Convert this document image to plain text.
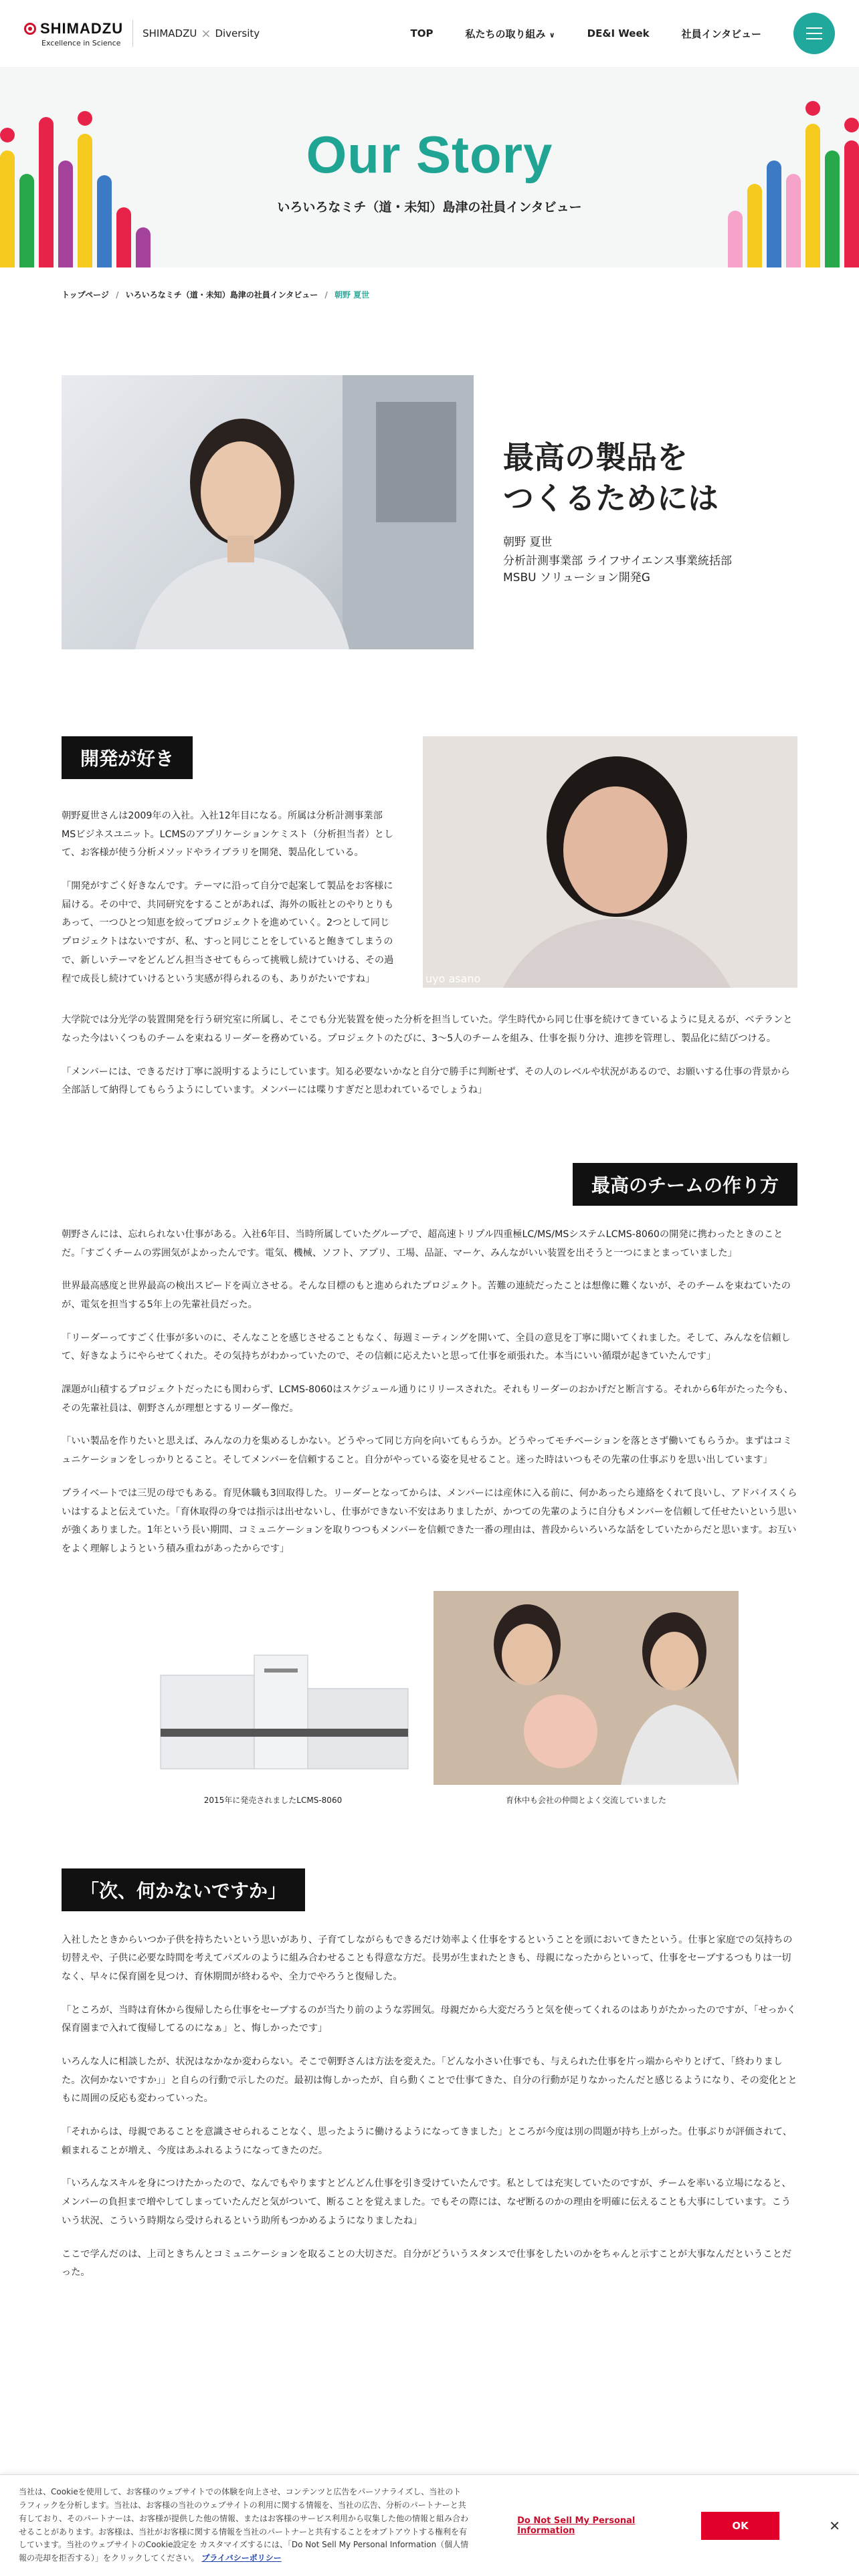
SHIMADZU
Excellence in Science
SHIMADZU × Diversity	TOP	私たちの取り組み ∨	DE&I Week	社員インタビュー
Our Story
いろいろなミチ（道・未知）島津の社員インタビュー
トップページ / いろいろなミチ（道・未知）島津の社員インタビュー / 朝野 夏世
最高の製品を
つくるためには
朝野 夏世
分析計測事業部 ライフサイエンス事業統括部
MSBU ソリューション開発G
開発が好き

朝野夏世さんは2009年の入社。入社12年目になる。所属は分析計測事業部MSビジネスユニット。LCMSのアプリケーションケミスト（分析担当者）として、お客様が使う分析メソッドやライブラリを開発、製品化している。

「開発がすごく好きなんです。テーマに沿って自分で起案して製品をお客様に届ける。その中で、共同研究をすることがあれば、海外の販社とのやりとりもあって、一つひとつ知恵を絞ってプロジェクトを進めていく。2つとして同じプロジェクトはないですが、私、すっと同じことをしていると飽きてしまうので、新しいテーマをどんどん担当させてもらって挑戦し続けていける、その過程で成長し続けていけるという実感が得られるのも、ありがたいですね」	uyo asano

大学院では分光学の装置開発を行う研究室に所属し、そこでも分光装置を使った分析を担当していた。学生時代から同じ仕事を続けてきているように見えるが、ベテランとなった今はいくつものチームを束ねるリーダーを務めている。プロジェクトのたびに、3〜5人のチームを組み、仕事を振り分け、進捗を管理し、製品化に結びつける。

「メンバーには、できるだけ丁寧に説明するようにしています。知る必要ないかなと自分で勝手に判断せず、その人のレベルや状況があるので、お願いする仕事の背景から全部話して納得してもらうようにしています。メンバーには喋りすぎだと思われているでしょうね」

最高のチームの作り方

朝野さんには、忘れられない仕事がある。入社6年目、当時所属していたグループで、超高速トリプル四重極LC/MS/MSシステムLCMS-8060の開発に携わったときのことだ。「すごくチームの雰囲気がよかったんです。電気、機械、ソフト、アプリ、工場、品証、マーケ、みんながいい装置を出そうと一つにまとまっていました」

世界最高感度と世界最高の検出スピードを両立させる。そんな目標のもと進められたプロジェクト。苦難の連続だったことは想像に難くないが、そのチームを束ねていたのが、電気を担当する5年上の先輩社員だった。

「リーダーってすごく仕事が多いのに、そんなことを感じさせることもなく、毎週ミーティングを開いて、全員の意見を丁寧に聞いてくれました。そして、みんなを信頼して、好きなようにやらせてくれた。その気持ちがわかっていたので、その信頼に応えたいと思って仕事を頑張れた。本当にいい循環が起きていたんです」

課題が山積するプロジェクトだったにも関わらず、LCMS-8060はスケジュール通りにリリースされた。それもリーダーのおかげだと断言する。それから6年がたった今も、その先輩社員は、朝野さんが理想とするリーダー像だ。

「いい製品を作りたいと思えば、みんなの力を集めるしかない。どうやって同じ方向を向いてもらうか。どうやってモチベーションを落とさず働いてもらうか。まずはコミュニケーションをしっかりとること。そしてメンバーを信頼すること。自分がやっている姿を見せること。迷った時はいつもその先輩の仕事ぶりを思い出しています」

プライベートでは三児の母でもある。育児休職も3回取得した。リーダーとなってからは、メンバーには産休に入る前に、何かあったら連絡をくれて良いし、アドバイスくらいはするよと伝えていた。「育休取得の身では指示は出せないし、仕事ができない不安はありましたが、かつての先輩のように自分もメンバーを信頼して任せたいという思いが強くありました。1年という長い期間、コミュニケーションを取りつつもメンバーを信頼できた一番の理由は、普段からいろいろな話をしていたからだと思います。お互いをよく理解しようという積み重ねがあったからです」

2015年に発売されましたLCMS-8060	育休中も会社の仲間とよく交流していました
「次、何かないですか」

入社したときからいつか子供を持ちたいという思いがあり、子育てしながらもできるだけ効率よく仕事をするということを頭においてきたという。仕事と家庭での気持ちの切替えや、子供に必要な時間を考えてパズルのように組み合わせることも得意な方だ。長男が生まれたときも、母親になったからといって、仕事をセーブするつもりは一切なく、早々に保育園を見つけ、育休期間が終わるや、全力でやろうと復帰した。

「ところが、当時は育休から復帰したら仕事をセーブするのが当たり前のような雰囲気。母親だから大変だろうと気を使ってくれるのはありがたかったのですが、「せっかく保育園まで入れて復帰してるのになぁ」と、悔しかったです」

いろんな人に相談したが、状況はなかなか変わらない。そこで朝野さんは方法を変えた。「どんな小さい仕事でも、与えられた仕事を片っ端からやりとげて、「終わりました。次何かないですか」」と自らの行動で示したのだ。最初は悔しかったが、自ら動くことで仕事てきた、自分の行動が足りなかったんだと感じるようになり、その変化とともに周囲の反応も変わっていった。

「それからは、母親であることを意識させられることなく、思ったように働けるようになってきました」ところが今度は別の問題が持ち上がった。仕事ぶりが評価されて、頼まれることが増え、今度はあふれるようになってきたのだ。

「いろんなスキルを身につけたかったので、なんでもやりますとどんどん仕事を引き受けていたんです。私としては充実していたのですが、チームを率いる立場になると、メンバーの負担まで増やしてしまっていたんだと気がついて、断ることを覚えました。でもその際には、なぜ断るのかの理由を明確に伝えることも大事にしています。こういう状況、こういう時期なら受けられるという助所もつかめるようになりましたね」

ここで学んだのは、上司ときちんとコミュニケーションを取ることの大切さだ。自分がどういうスタンスで仕事をしたいのかをちゃんと示すことが大事なんだということだった。

当社は、Cookieを使用して、お客様のウェブサイトでの体験を向上させ、コンテンツと広告をパーソナライズし、当社のトラフィックを分析します。当社は、お客様の当社のウェブサイトの利用に関する情報を、当社の広告、分析のパートナーと共有しており、そのパートナーは、お客様が提供した他の情報、またはお客様のサービス利用から収集した他の情報と組み合わせることがあります。お客様は、当社がお客様に関する情報を当社のパートナーと共有することをオプトアウトする権利を有しています。当社のウェブサイトのCookie設定を カスタマイズするには、「Do Not Sell My Personal Information（個人情報の売却を拒否する）」をクリックしてください。 プライバシーポリシー
Do Not Sell My Personal Information	OK	✕
